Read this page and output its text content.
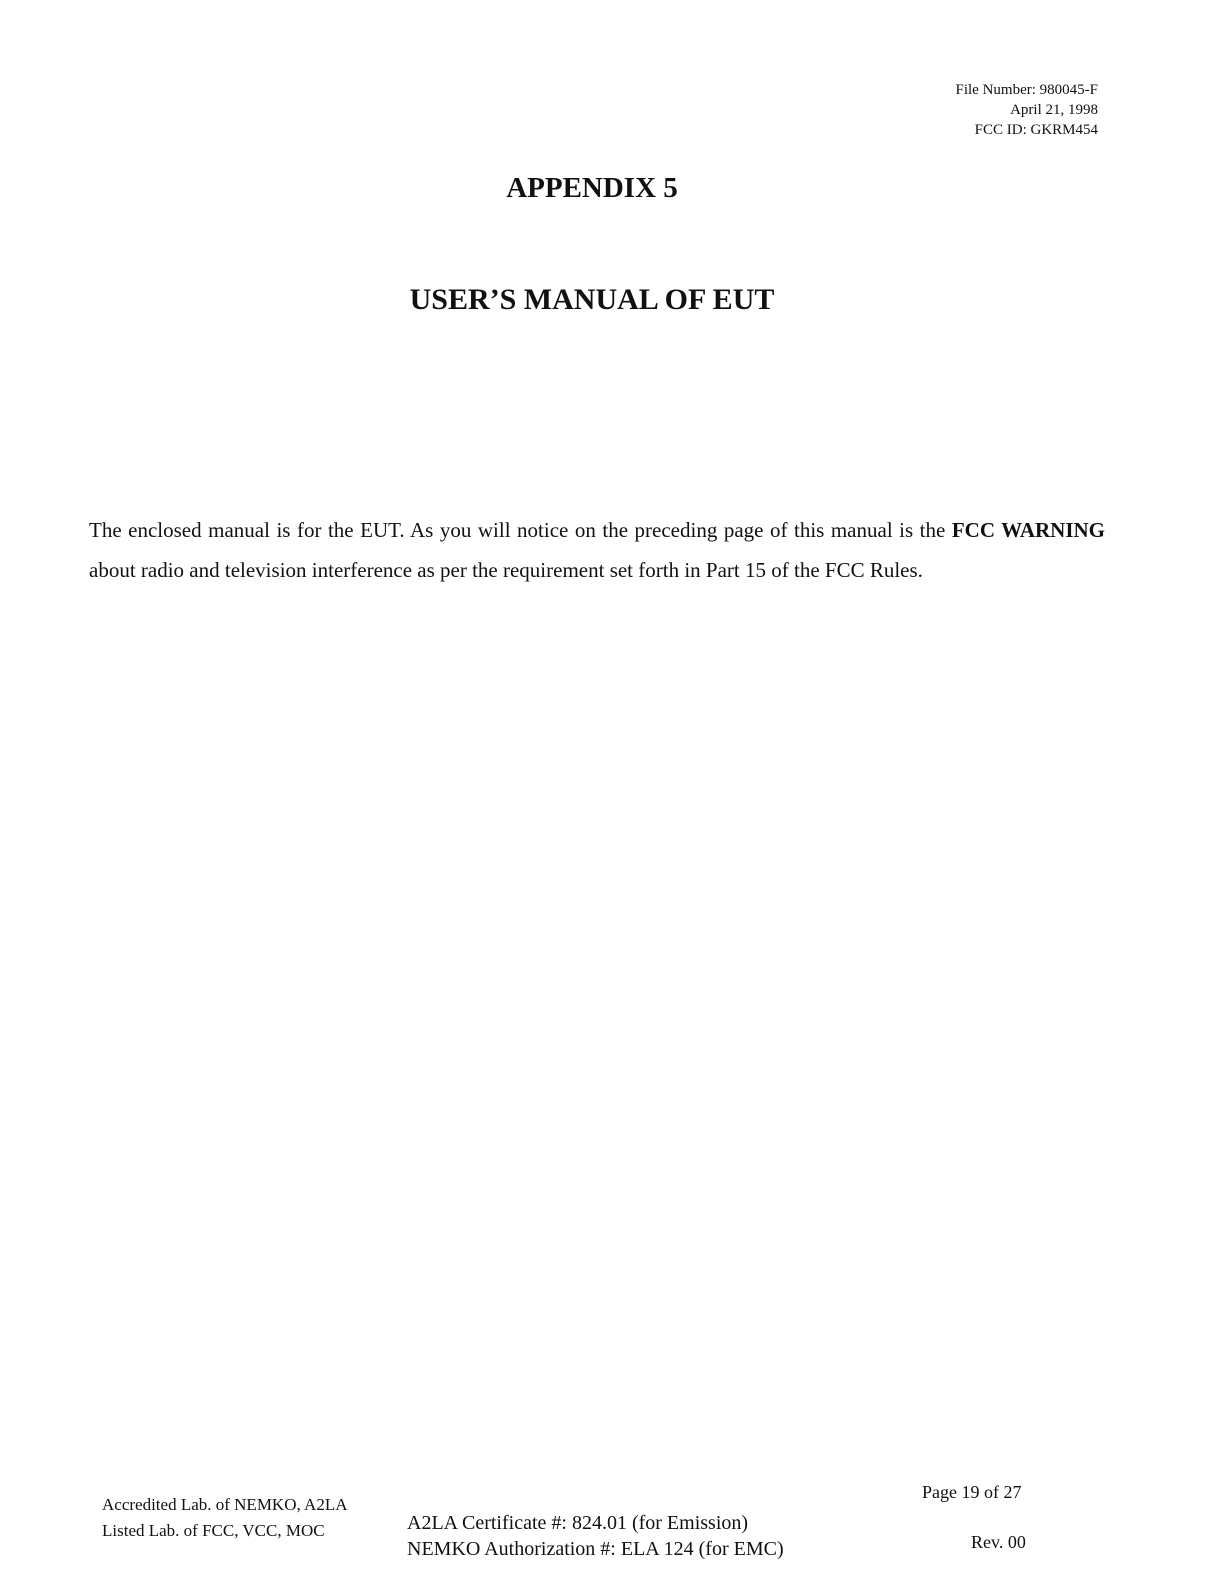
File Number: 980045-F
April 21, 1998
FCC ID: GKRM454
APPENDIX 5
USER’S MANUAL OF EUT
The enclosed manual is for the EUT. As you will notice on the preceding page of this manual is the FCC WARNING about radio and television interference as per the requirement set forth in Part 15 of the FCC Rules.
Accredited Lab. of NEMKO, A2LA
Listed Lab. of FCC, VCC, MOC	A2LA Certificate #: 824.01 (for Emission)
NEMKO Authorization #: ELA 124 (for EMC)
Page 19 of 27
Rev. 00
